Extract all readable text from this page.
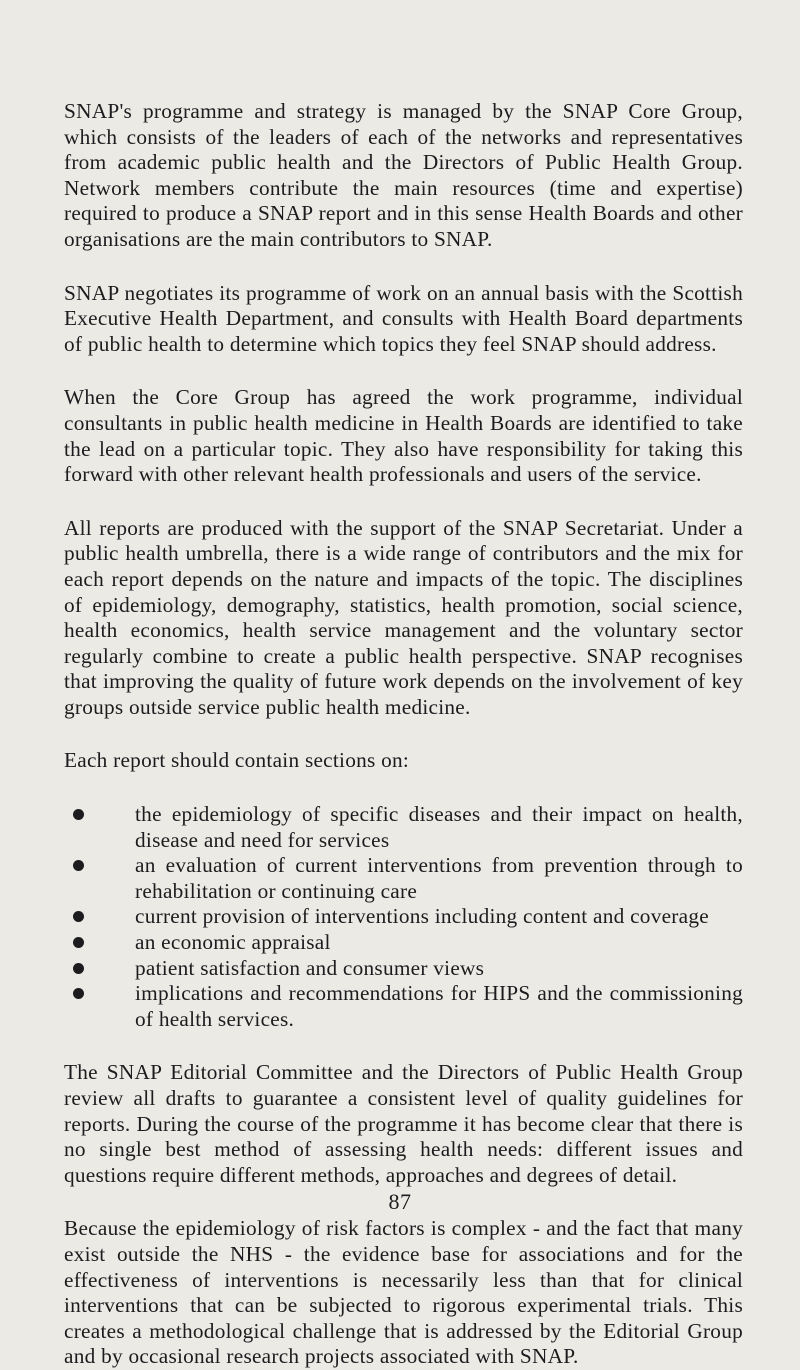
SNAP's programme and strategy is managed by the SNAP Core Group, which consists of the leaders of each of the networks and representatives from academic public health and the Directors of Public Health Group. Network members contribute the main resources (time and expertise) required to produce a SNAP report and in this sense Health Boards and other organisations are the main contributors to SNAP.

SNAP negotiates its programme of work on an annual basis with the Scottish Executive Health Department, and consults with Health Board departments of public health to determine which topics they feel SNAP should address.

When the Core Group has agreed the work programme, individual consultants in public health medicine in Health Boards are identified to take the lead on a particular topic. They also have responsibility for taking this forward with other relevant health professionals and users of the service.

All reports are produced with the support of the SNAP Secretariat. Under a public health umbrella, there is a wide range of contributors and the mix for each report depends on the nature and impacts of the topic. The disciplines of epidemiology, demography, statistics, health promotion, social science, health economics, health service management and the voluntary sector regularly combine to create a public health perspective. SNAP recognises that improving the quality of future work depends on the involvement of key groups outside service public health medicine.

Each report should contain sections on:

the epidemiology of specific diseases and their impact on health, disease and need for services
an evaluation of current interventions from prevention through to rehabilitation or continuing care
current provision of interventions including content and coverage
an economic appraisal
patient satisfaction and consumer views
implications and recommendations for HIPS and the commissioning of health services.

The SNAP Editorial Committee and the Directors of Public Health Group review all drafts to guarantee a consistent level of quality guidelines for reports. During the course of the programme it has become clear that there is no single best method of assessing health needs: different issues and questions require different methods, approaches and degrees of detail.

Because the epidemiology of risk factors is complex - and the fact that many exist outside the NHS - the evidence base for associations and for the effectiveness of interventions is necessarily less than that for clinical interventions that can be subjected to rigorous experimental trials. This creates a methodological challenge that is addressed by the Editorial Group and by occasional research projects associated with SNAP.

87
